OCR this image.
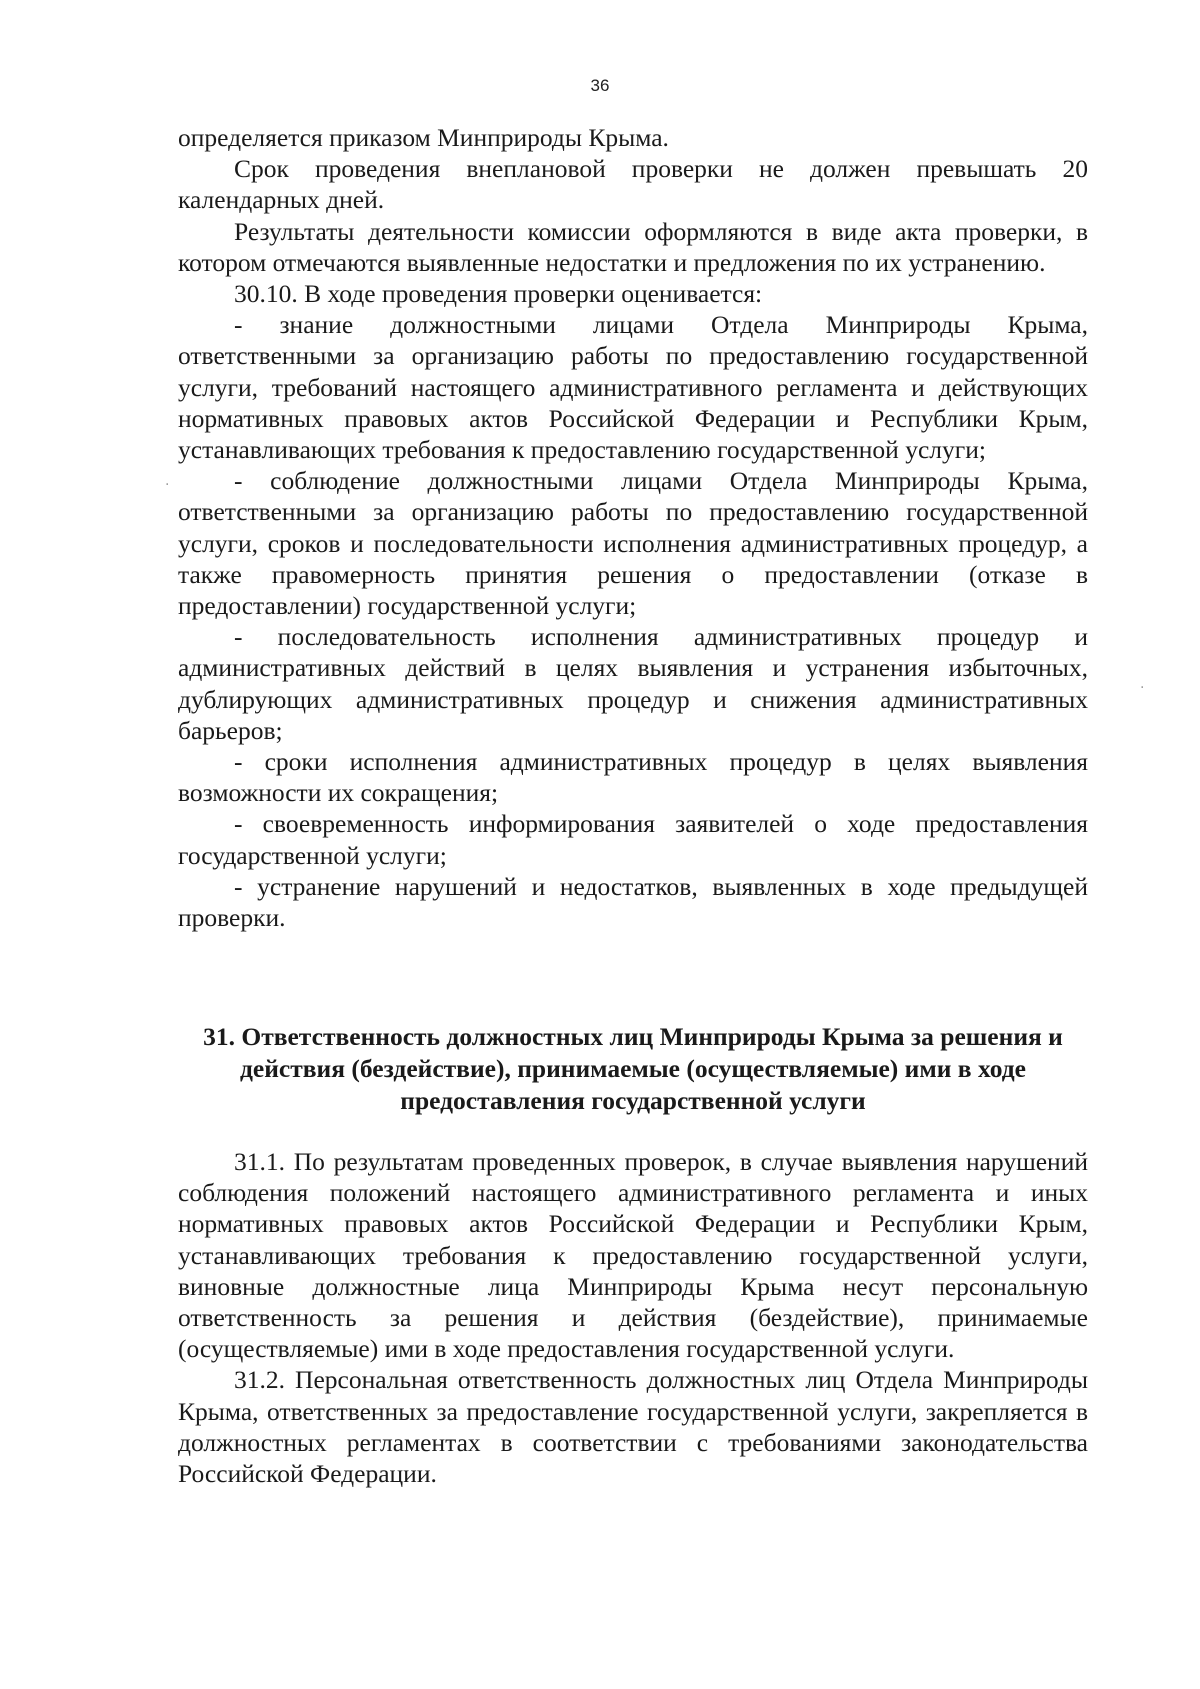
36

определяется приказом Минприроды Крыма.

Срок проведения внеплановой проверки не должен превышать 20 календарных дней.

Результаты деятельности комиссии оформляются в виде акта проверки, в котором отмечаются выявленные недостатки и предложения по их устранению.

30.10. В ходе проведения проверки оценивается:

- знание должностными лицами Отдела Минприроды Крыма, ответственными за организацию работы по предоставлению государственной услуги, требований настоящего административного регламента и действующих нормативных правовых актов Российской Федерации и Республики Крым, устанавливающих требования к предоставлению государственной услуги;

- соблюдение должностными лицами Отдела Минприроды Крыма, ответственными за организацию работы по предоставлению государственной услуги, сроков и последовательности исполнения административных процедур, а также правомерность принятия решения о предоставлении (отказе в предоставлении) государственной услуги;

- последовательность исполнения административных процедур и административных действий в целях выявления и устранения избыточных, дублирующих административных процедур и снижения административных барьеров;

- сроки исполнения административных процедур в целях выявления возможности их сокращения;

- своевременность информирования заявителей о ходе предоставления государственной услуги;

- устранение нарушений и недостатков, выявленных в ходе предыдущей проверки.

31. Ответственность должностных лиц Минприроды Крыма за решения и действия (бездействие), принимаемые (осуществляемые) ими в ходе предоставления государственной услуги

31.1. По результатам проведенных проверок, в случае выявления нарушений соблюдения положений настоящего административного регламента и иных нормативных правовых актов Российской Федерации и Республики Крым, устанавливающих требования к предоставлению государственной услуги, виновные должностные лица Минприроды Крыма несут персональную ответственность за решения и действия (бездействие), принимаемые (осуществляемые) ими в ходе предоставления государственной услуги.

31.2. Персональная ответственность должностных лиц Отдела Минприроды Крыма, ответственных за предоставление государственной услуги, закрепляется в должностных регламентах в соответствии с требованиями законодательства Российской Федерации.

·
·
